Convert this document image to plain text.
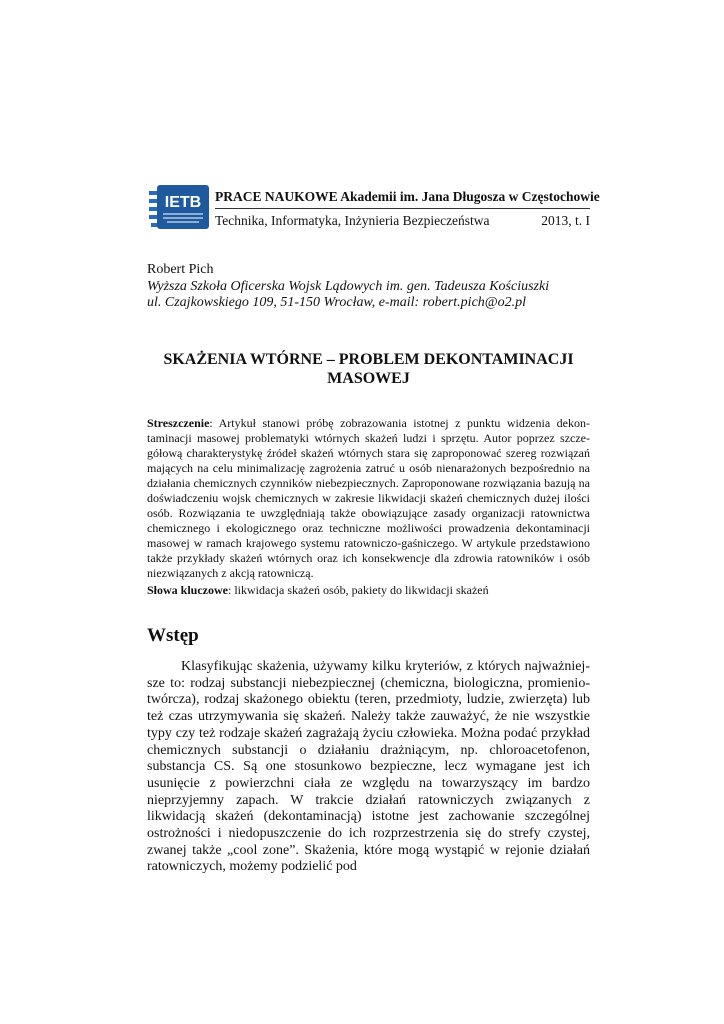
IETB PRACE NAUKOWE Akademii im. Jana Długosza w Częstochowie
Technika, Informatyka, Inżynieria Bezpieczeństwa	2013, t. I
Robert Pich
Wyższa Szkoła Oficerska Wojsk Lądowych im. gen. Tadeusza Kościuszki
ul. Czajkowskiego 109, 51-150 Wrocław, e-mail: robert.pich@o2.pl
SKAŻENIA WTÓRNE – PROBLEM DEKONTAMINACJI
MASOWEJ
Streszczenie: Artykuł stanowi próbę zobrazowania istotnej z punktu widzenia dekontaminacji masowej problematyki wtórnych skażeń ludzi i sprzętu. Autor poprzez szczegółową charakterystykę źródeł skażeń wtórnych stara się zaproponować szereg rozwiązań mających na celu minimalizację zagrożenia zatruć u osób nienarażonych bezpośrednio na działania chemicznych czynników niebezpiecznych. Zaproponowane rozwiązania bazują na doświadczeniu wojsk chemicznych w zakresie likwidacji skażeń chemicznych dużej ilości osób. Rozwiązania te uwzględniają także obowiązujące zasady organizacji ratownictwa chemicznego i ekologicznego oraz techniczne możliwości prowadzenia dekontaminacji masowej w ramach krajowego systemu ratowniczo-gaśniczego. W artykule przedstawiono także przykłady skażeń wtórnych oraz ich konsekwencje dla zdrowia ratowników i osób niezwiązanych z akcją ratowniczą.
Słowa kluczowe: likwidacja skażeń osób, pakiety do likwidacji skażeń
Wstęp
Klasyfikując skażenia, używamy kilku kryteriów, z których najważniejsze to: rodzaj substancji niebezpiecznej (chemiczna, biologiczna, promieniotwórcza), rodzaj skażonego obiektu (teren, przedmioty, ludzie, zwierzęta) lub też czas utrzymywania się skażeń. Należy także zauważyć, że nie wszystkie typy czy też rodzaje skażeń zagrażają życiu człowieka. Można podać przykład chemicznych substancji o działaniu drażniącym, np. chloroacetofenon, substancja CS. Są one stosunkowo bezpieczne, lecz wymagane jest ich usunięcie z powierzchni ciała ze względu na towarzyszący im bardzo nieprzyjemny zapach. W trakcie działań ratowniczych związanych z likwidacją skażeń (dekontaminacją) istotne jest zachowanie szczególnej ostrożności i niedopuszczenie do ich rozprzestrzenia się do strefy czystej, zwanej także „cool zone”. Skażenia, które mogą wystąpić w rejonie działań ratowniczych, możemy podzielić pod
